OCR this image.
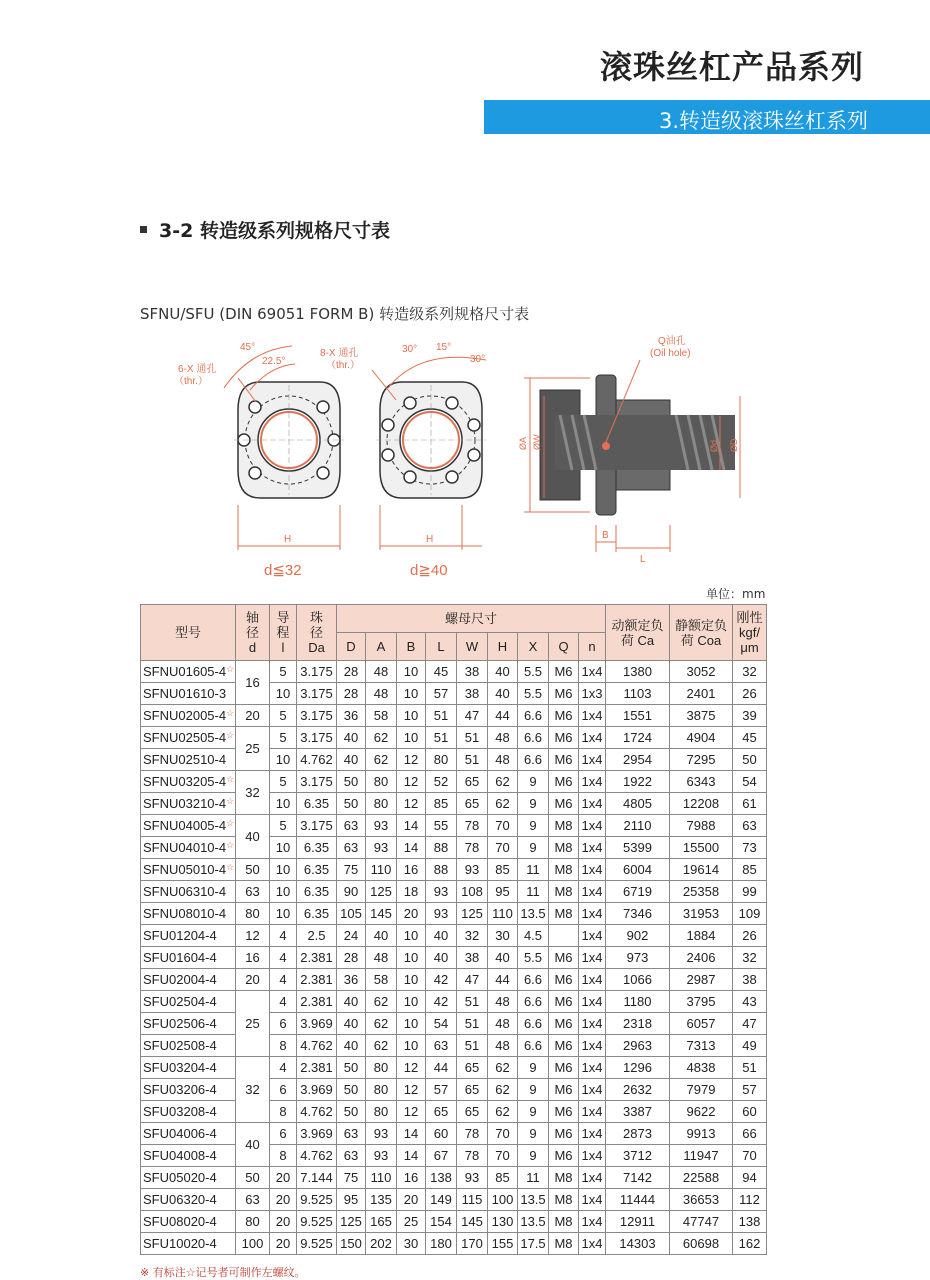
滚珠丝杠产品系列
3.转造级滚珠丝杠系列
3-2 转造级系列规格尺寸表
SFNU/SFU (DIN 69051 FORM B) 转造级系列规格尺寸表
6-X 通孔
（thr.）
45°
22.5°
H
d≦32
8-X 通孔
（thr.）
30° 15°
30°
H
d≧40
Q油孔
(Oil hole)
ØA ØW	Ød ØD
B
L
单位：mm
型号	轴
径
d	导
程
l	珠
径
Da	螺母尺寸									动额定负
荷 Ca	静额定负
荷 Coa	刚性
kgf/
μm
				D	A	B	L	W	H	X	Q	n			
SFNU01605-4☆	16	5	3.175	28	48	10	45	38	40	5.5	M6	1x4	1380	3052	32
SFNU01610-3		10	3.175	28	48	10	57	38	40	5.5	M6	1x3	1103	2401	26
SFNU02005-4☆	20	5	3.175	36	58	10	51	47	44	6.6	M6	1x4	1551	3875	39
SFNU02505-4☆	25	5	3.175	40	62	10	51	51	48	6.6	M6	1x4	1724	4904	45
SFNU02510-4		10	4.762	40	62	12	80	51	48	6.6	M6	1x4	2954	7295	50
SFNU03205-4☆	32	5	3.175	50	80	12	52	65	62	9	M6	1x4	1922	6343	54
SFNU03210-4☆		10	6.35	50	80	12	85	65	62	9	M6	1x4	4805	12208	61
SFNU04005-4☆	40	5	3.175	63	93	14	55	78	70	9	M8	1x4	2110	7988	63
SFNU04010-4☆		10	6.35	63	93	14	88	78	70	9	M8	1x4	5399	15500	73
SFNU05010-4☆	50	10	6.35	75	110	16	88	93	85	11	M8	1x4	6004	19614	85
SFNU06310-4	63	10	6.35	90	125	18	93	108	95	11	M8	1x4	6719	25358	99
SFNU08010-4	80	10	6.35	105	145	20	93	125	110	13.5	M8	1x4	7346	31953	109
SFU01204-4	12	4	2.5	24	40	10	40	32	30	4.5		1x4	902	1884	26
SFU01604-4	16	4	2.381	28	48	10	40	38	40	5.5	M6	1x4	973	2406	32
SFU02004-4	20	4	2.381	36	58	10	42	47	44	6.6	M6	1x4	1066	2987	38
SFU02504-4	25	4	2.381	40	62	10	42	51	48	6.6	M6	1x4	1180	3795	43
SFU02506-4		6	3.969	40	62	10	54	51	48	6.6	M6	1x4	2318	6057	47
SFU02508-4		8	4.762	40	62	10	63	51	48	6.6	M6	1x4	2963	7313	49
SFU03204-4	32	4	2.381	50	80	12	44	65	62	9	M6	1x4	1296	4838	51
SFU03206-4		6	3.969	50	80	12	57	65	62	9	M6	1x4	2632	7979	57
SFU03208-4		8	4.762	50	80	12	65	65	62	9	M6	1x4	3387	9622	60
SFU04006-4	40	6	3.969	63	93	14	60	78	70	9	M6	1x4	2873	9913	66
SFU04008-4		8	4.762	63	93	14	67	78	70	9	M6	1x4	3712	11947	70
SFU05020-4	50	20	7.144	75	110	16	138	93	85	11	M8	1x4	7142	22588	94
SFU06320-4	63	20	9.525	95	135	20	149	115	100	13.5	M8	1x4	11444	36653	112
SFU08020-4	80	20	9.525	125	165	25	154	145	130	13.5	M8	1x4	12911	47747	138
SFU10020-4	100	20	9.525	150	202	30	180	170	155	17.5	M8	1x4	14303	60698	162
※ 有标注☆记号者可制作左螺纹。
